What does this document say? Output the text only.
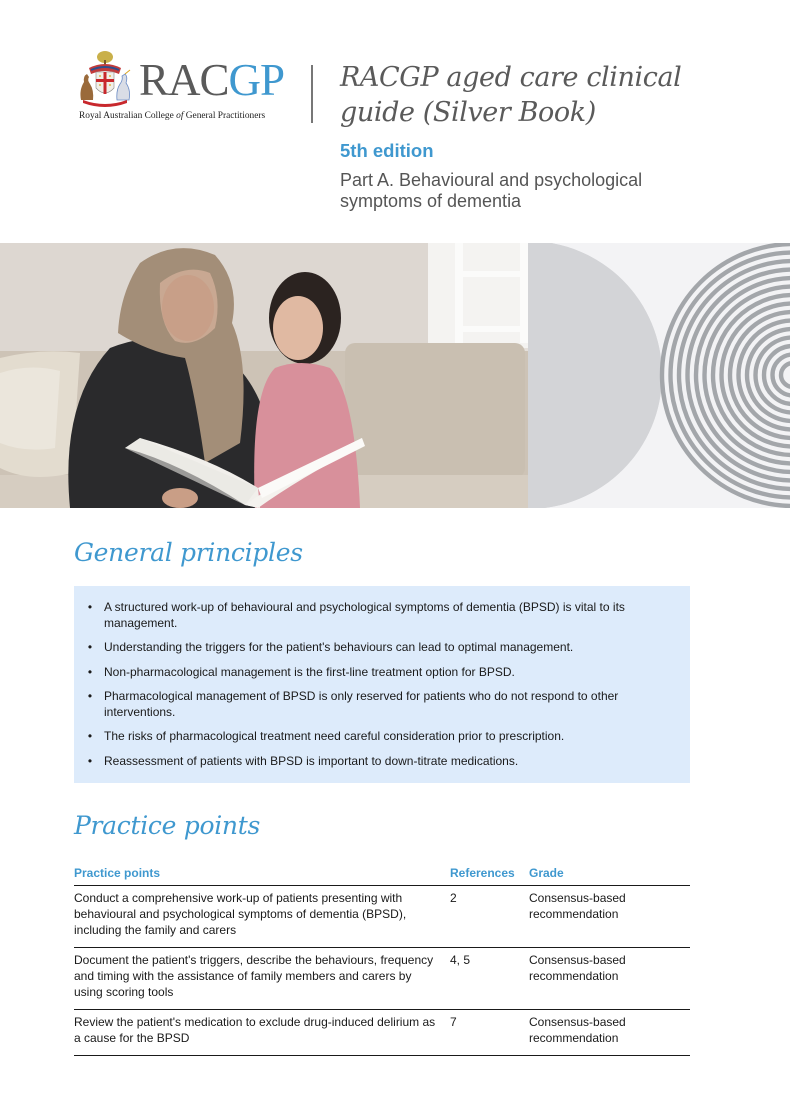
RACGP
Royal Australian College of General Practitioners
RACGP aged care clinical guide (Silver Book)
5th edition
Part A. Behavioural and psychological symptoms of dementia
General principles
• A structured work-up of behavioural and psychological symptoms of dementia (BPSD) is vital to its management.
• Understanding the triggers for the patient's behaviours can lead to optimal management.
• Non-pharmacological management is the first-line treatment option for BPSD.
• Pharmacological management of BPSD is only reserved for patients who do not respond to other interventions.
• The risks of pharmacological treatment need careful consideration prior to prescription.
• Reassessment of patients with BPSD is important to down-titrate medications.
Practice points
Practice points	References	Grade
Conduct a comprehensive work-up of patients presenting with behavioural and psychological symptoms of dementia (BPSD), including the family and carers	2	Consensus-based recommendation
Document the patient's triggers, describe the behaviours, frequency and timing with the assistance of family members and carers by using scoring tools	4, 5	Consensus-based recommendation
Review the patient's medication to exclude drug-induced delirium as a cause for the BPSD	7	Consensus-based recommendation
